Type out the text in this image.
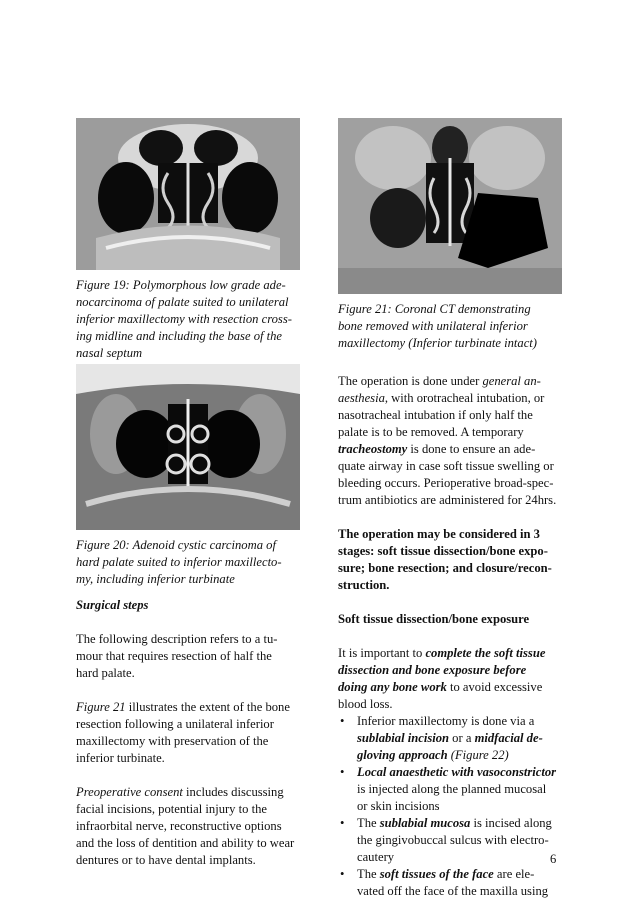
Figure 19: Polymorphous low grade ade-

nocarcinoma of palate suited to unilateral

inferior maxillectomy with resection cross-

ing midline and including the base of the

nasal septum

Figure 20: Adenoid cystic carcinoma of

hard palate suited to inferior maxillecto-

my, including inferior turbinate

Surgical steps

The following description refers to a tu-

mour that requires resection of half the

hard palate.

Figure 21 illustrates the extent of the bone

resection following a unilateral inferior

maxillectomy with preservation of the

inferior turbinate.

Preoperative consent includes discussing

facial incisions, potential injury to the

infraorbital nerve, reconstructive options

and the loss of dentition and ability to wear

dentures or to have dental implants.

Figure 21: Coronal CT demonstrating

bone removed with unilateral inferior

maxillectomy (Inferior turbinate intact)

The operation is done under general an-

aesthesia, with orotracheal intubation, or

nasotracheal intubation if only half the

palate is to be removed. A temporary

tracheostomy is done to ensure an ade-

quate airway in case soft tissue swelling or

bleeding occurs. Perioperative broad-spec-

trum antibiotics are administered for 24hrs.

The operation may be considered in 3

stages: soft tissue dissection/bone expo-

sure; bone resection; and closure/recon-

struction.

Soft tissue dissection/bone exposure

It is important to complete the soft tissue

dissection and bone exposure before

doing any bone work to avoid excessive

blood loss.

• Inferior maxillectomy is done via a
sublabial incision or a midfacial de-
gloving approach (Figure 22)
• Local anaesthetic with vasoconstrictor
is injected along the planned mucosal
or skin incisions
• The sublabial mucosa is incised along
the gingivobuccal sulcus with electro-
cautery
• The soft tissues of the face are ele-
vated off the face of the maxilla using
6
